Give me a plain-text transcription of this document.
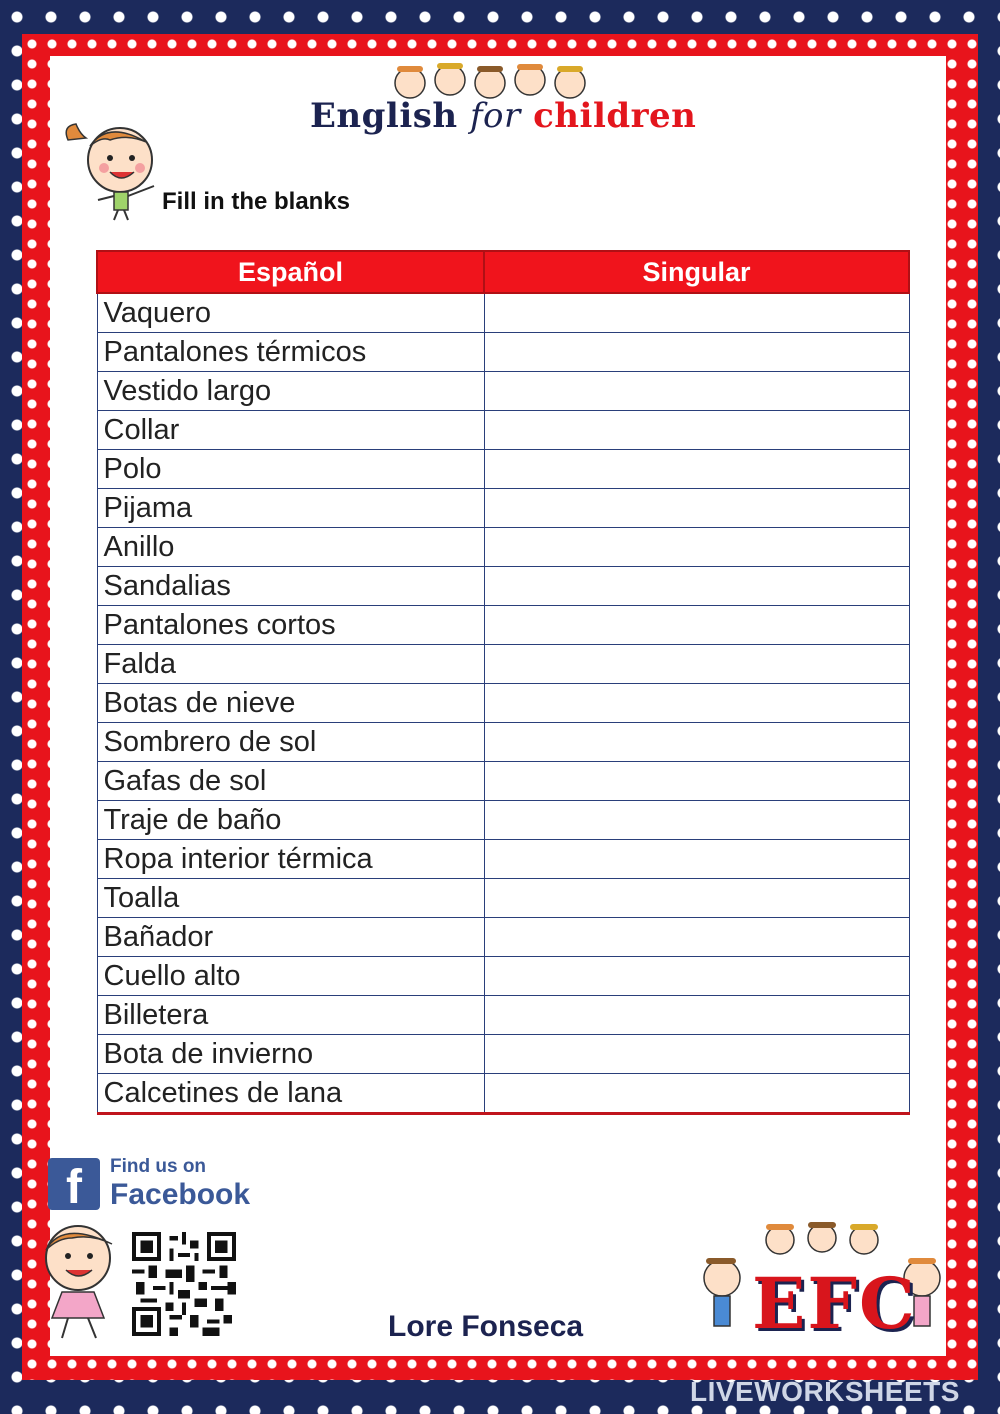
English for children
Fill in the blanks
Español	Singular
Vaquero	
Pantalones térmicos	
Vestido largo	
Collar	
Polo	
Pijama	
Anillo	
Sandalias	
Pantalones cortos	
Falda	
Botas de nieve	
Sombrero de sol	
Gafas de sol	
Traje de baño	
Ropa interior térmica	
Toalla	
Bañador	
Cuello alto	
Billetera	
Bota de invierno	
Calcetines de lana	
f	Find us on
Facebook
Lore Fonseca EFC
LIVEWORKSHEETS
